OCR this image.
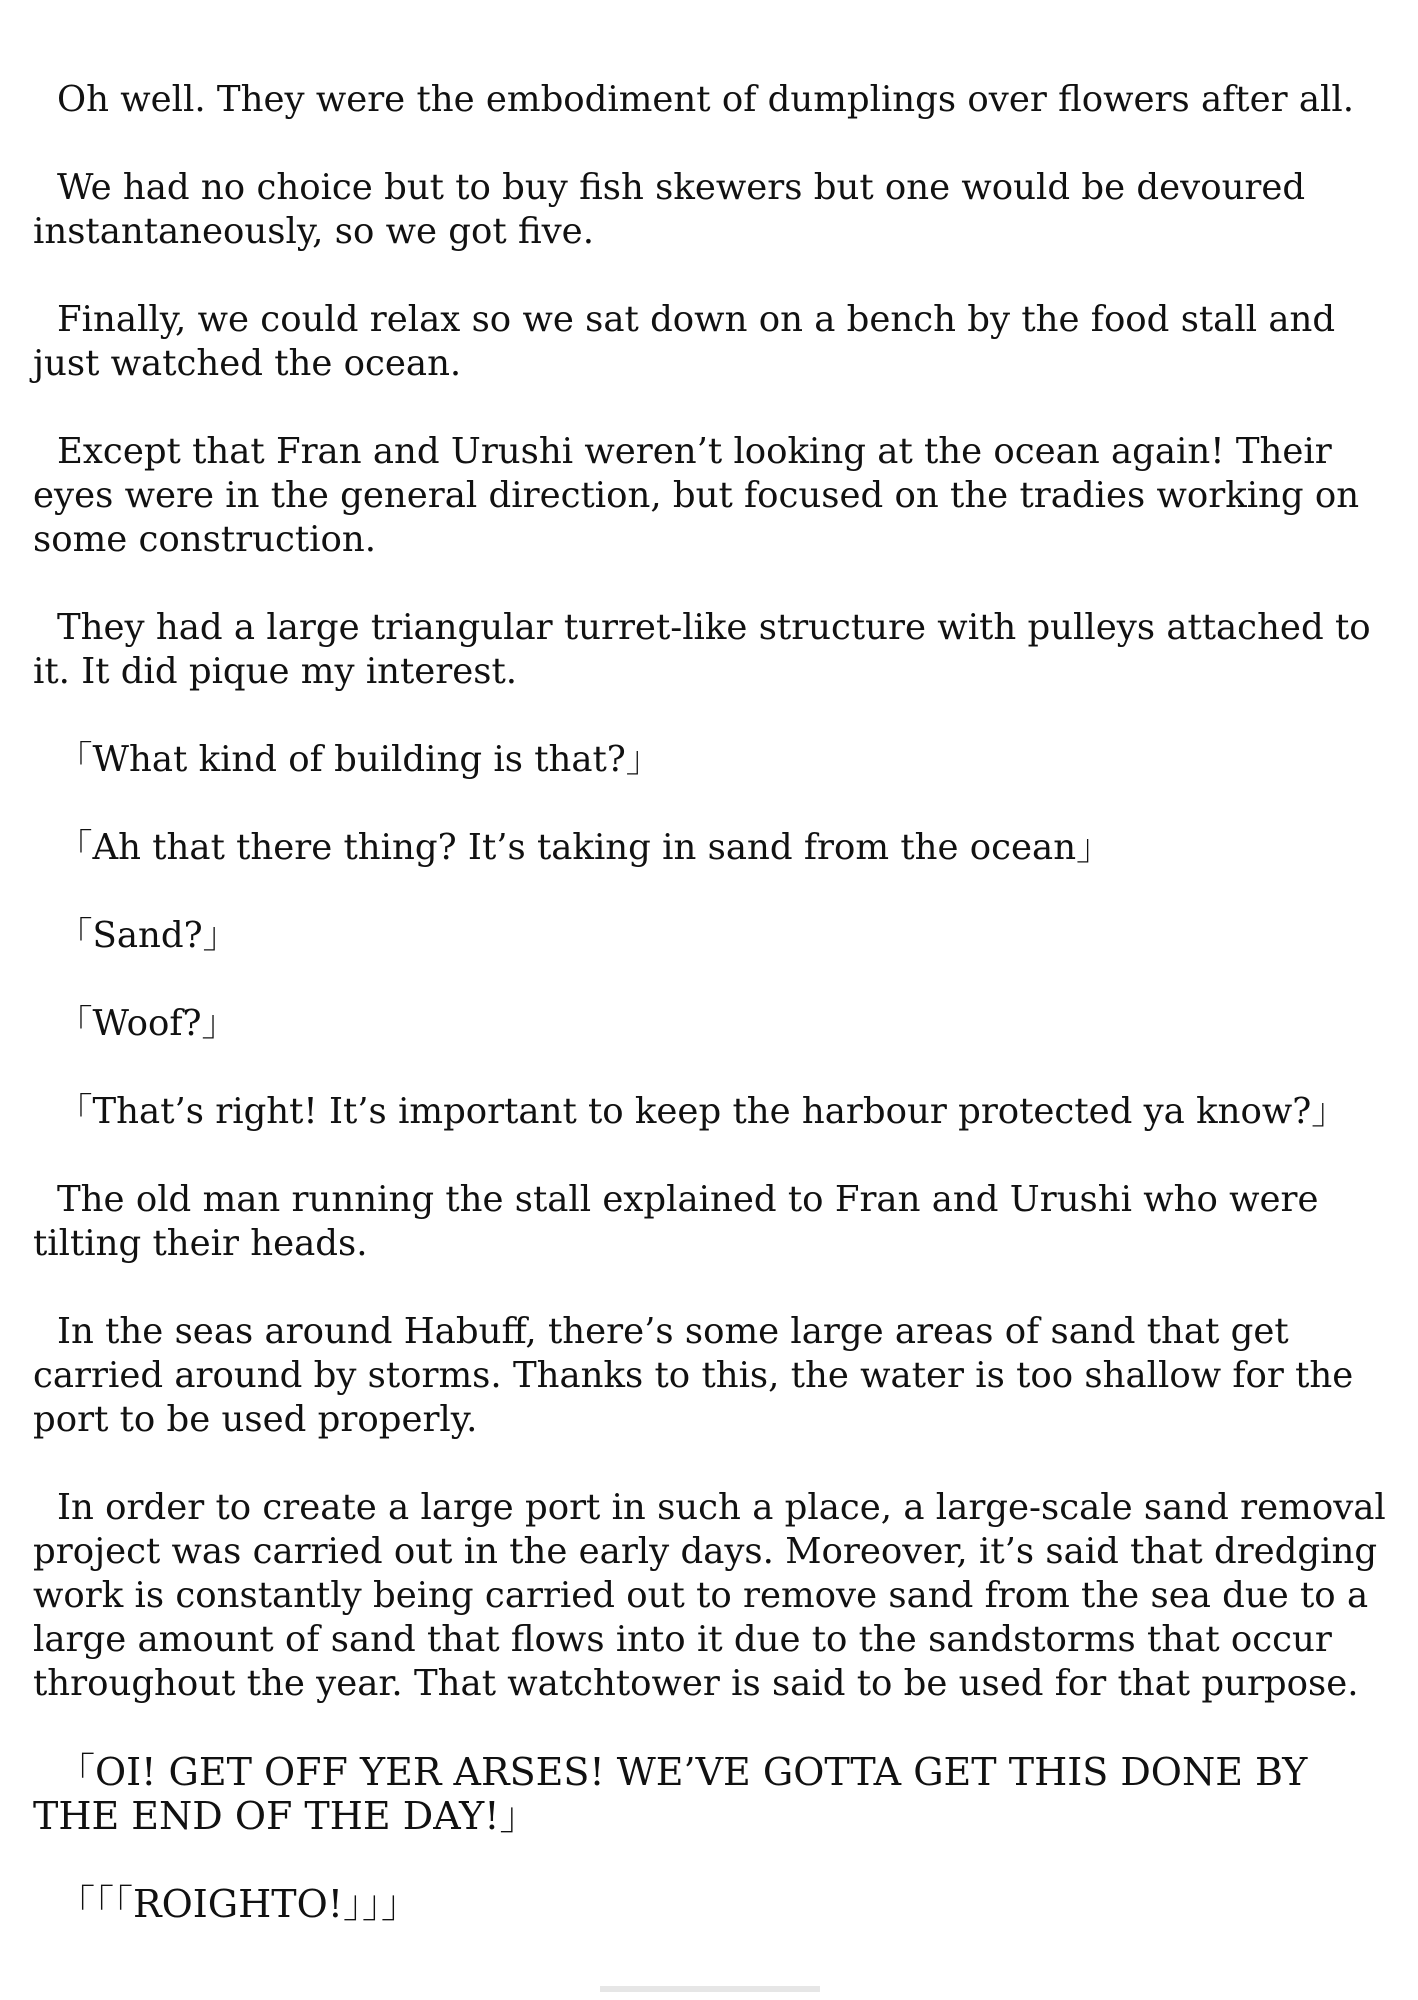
Oh well. They were the embodiment of dumplings over flowers after all.

We had no choice but to buy fish skewers but one would be devoured instantaneously, so we got five.

Finally, we could relax so we sat down on a bench by the food stall and just watched the ocean.

Except that Fran and Urushi weren’t looking at the ocean again! Their eyes were in the general direction, but focused on the tradies working on some construction.

They had a large triangular turret-like structure with pulleys attached to it. It did pique my interest.

「What kind of building is that?」

「Ah that there thing? It’s taking in sand from the ocean」

「Sand?」

「Woof?」

「That’s right! It’s important to keep the harbour protected ya know?」

The old man running the stall explained to Fran and Urushi who were tilting their heads.

In the seas around Habuff, there’s some large areas of sand that get carried around by storms. Thanks to this, the water is too shallow for the port to be used properly.

In order to create a large port in such a place, a large-scale sand removal project was carried out in the early days. Moreover, it’s said that dredging work is constantly being carried out to remove sand from the sea due to a large amount of sand that flows into it due to the sandstorms that occur throughout the year. That watchtower is said to be used for that purpose.

「OI! GET OFF YER ARSES! WE’VE GOTTA GET THIS DONE BY THE END OF THE DAY!」

「「「ROIGHTO!」」」
